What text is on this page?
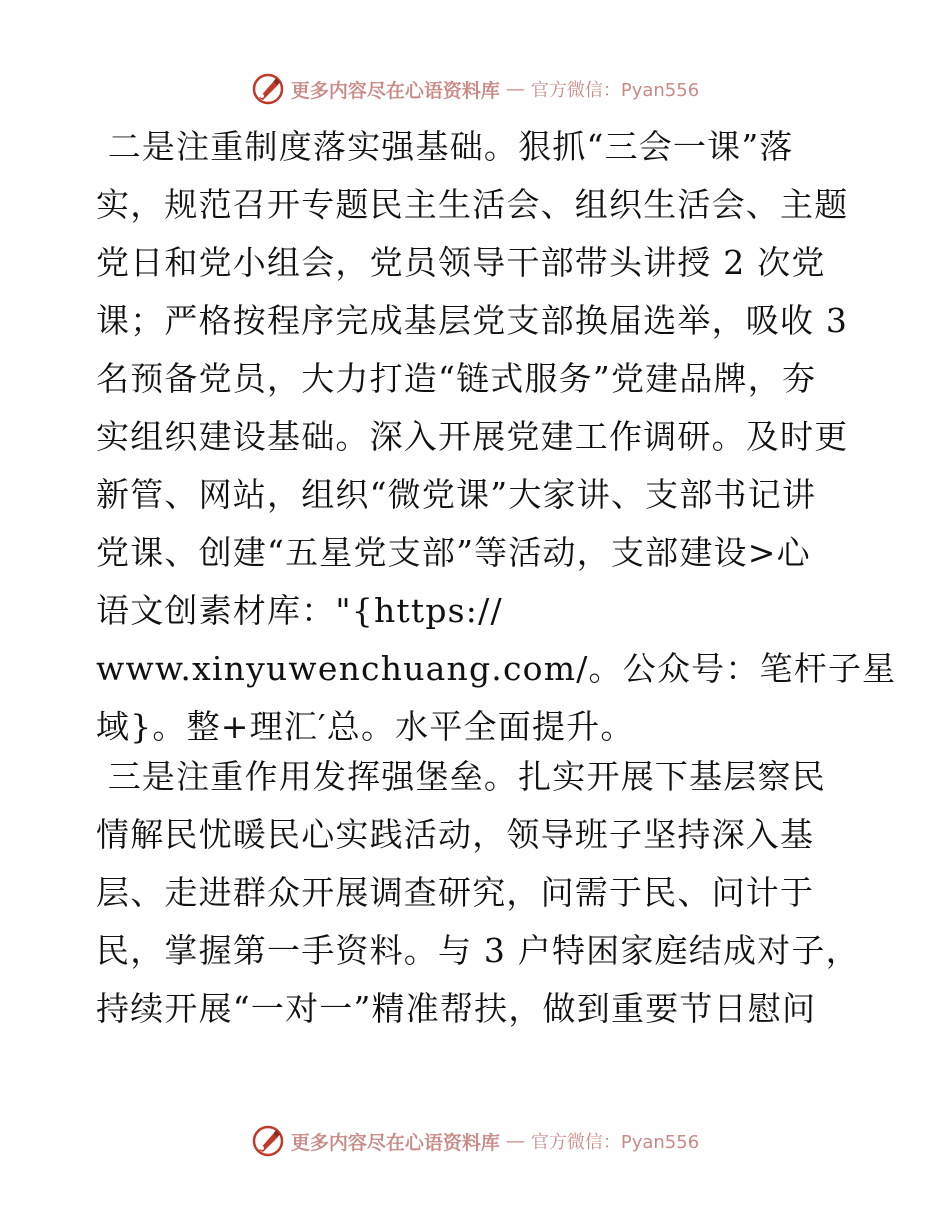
更多内容尽在心语资料库 — 官方微信：Pyan556
二是注重制度落实强基础。狠抓“三会一课”落
实，规范召开专题民主生活会、组织生活会、主题
党日和党小组会，党员领导干部带头讲授 2 次党
课；严格按程序完成基层党支部换届选举，吸收 3
名预备党员，大力打造“链式服务”党建品牌，夯
实组织建设基础。深入开展党建工作调研。及时更
新管、网站，组织“微党课”大家讲、支部书记讲
党课、创建“五星党支部”等活动，支部建设>心
语文创素材库："{https://
www.xinyuwenchuang.com/。公众号：笔杆子星
域}。整+理汇′总。水平全面提升。
三是注重作用发挥强堡垒。扎实开展下基层察民
情解民忧暖民心实践活动，领导班子坚持深入基
层、走进群众开展调查研究，问需于民、问计于
民，掌握第一手资料。与 3 户特困家庭结成对子，
持续开展“一对一”精准帮扶，做到重要节日慰问
更多内容尽在心语资料库 — 官方微信：Pyan556
